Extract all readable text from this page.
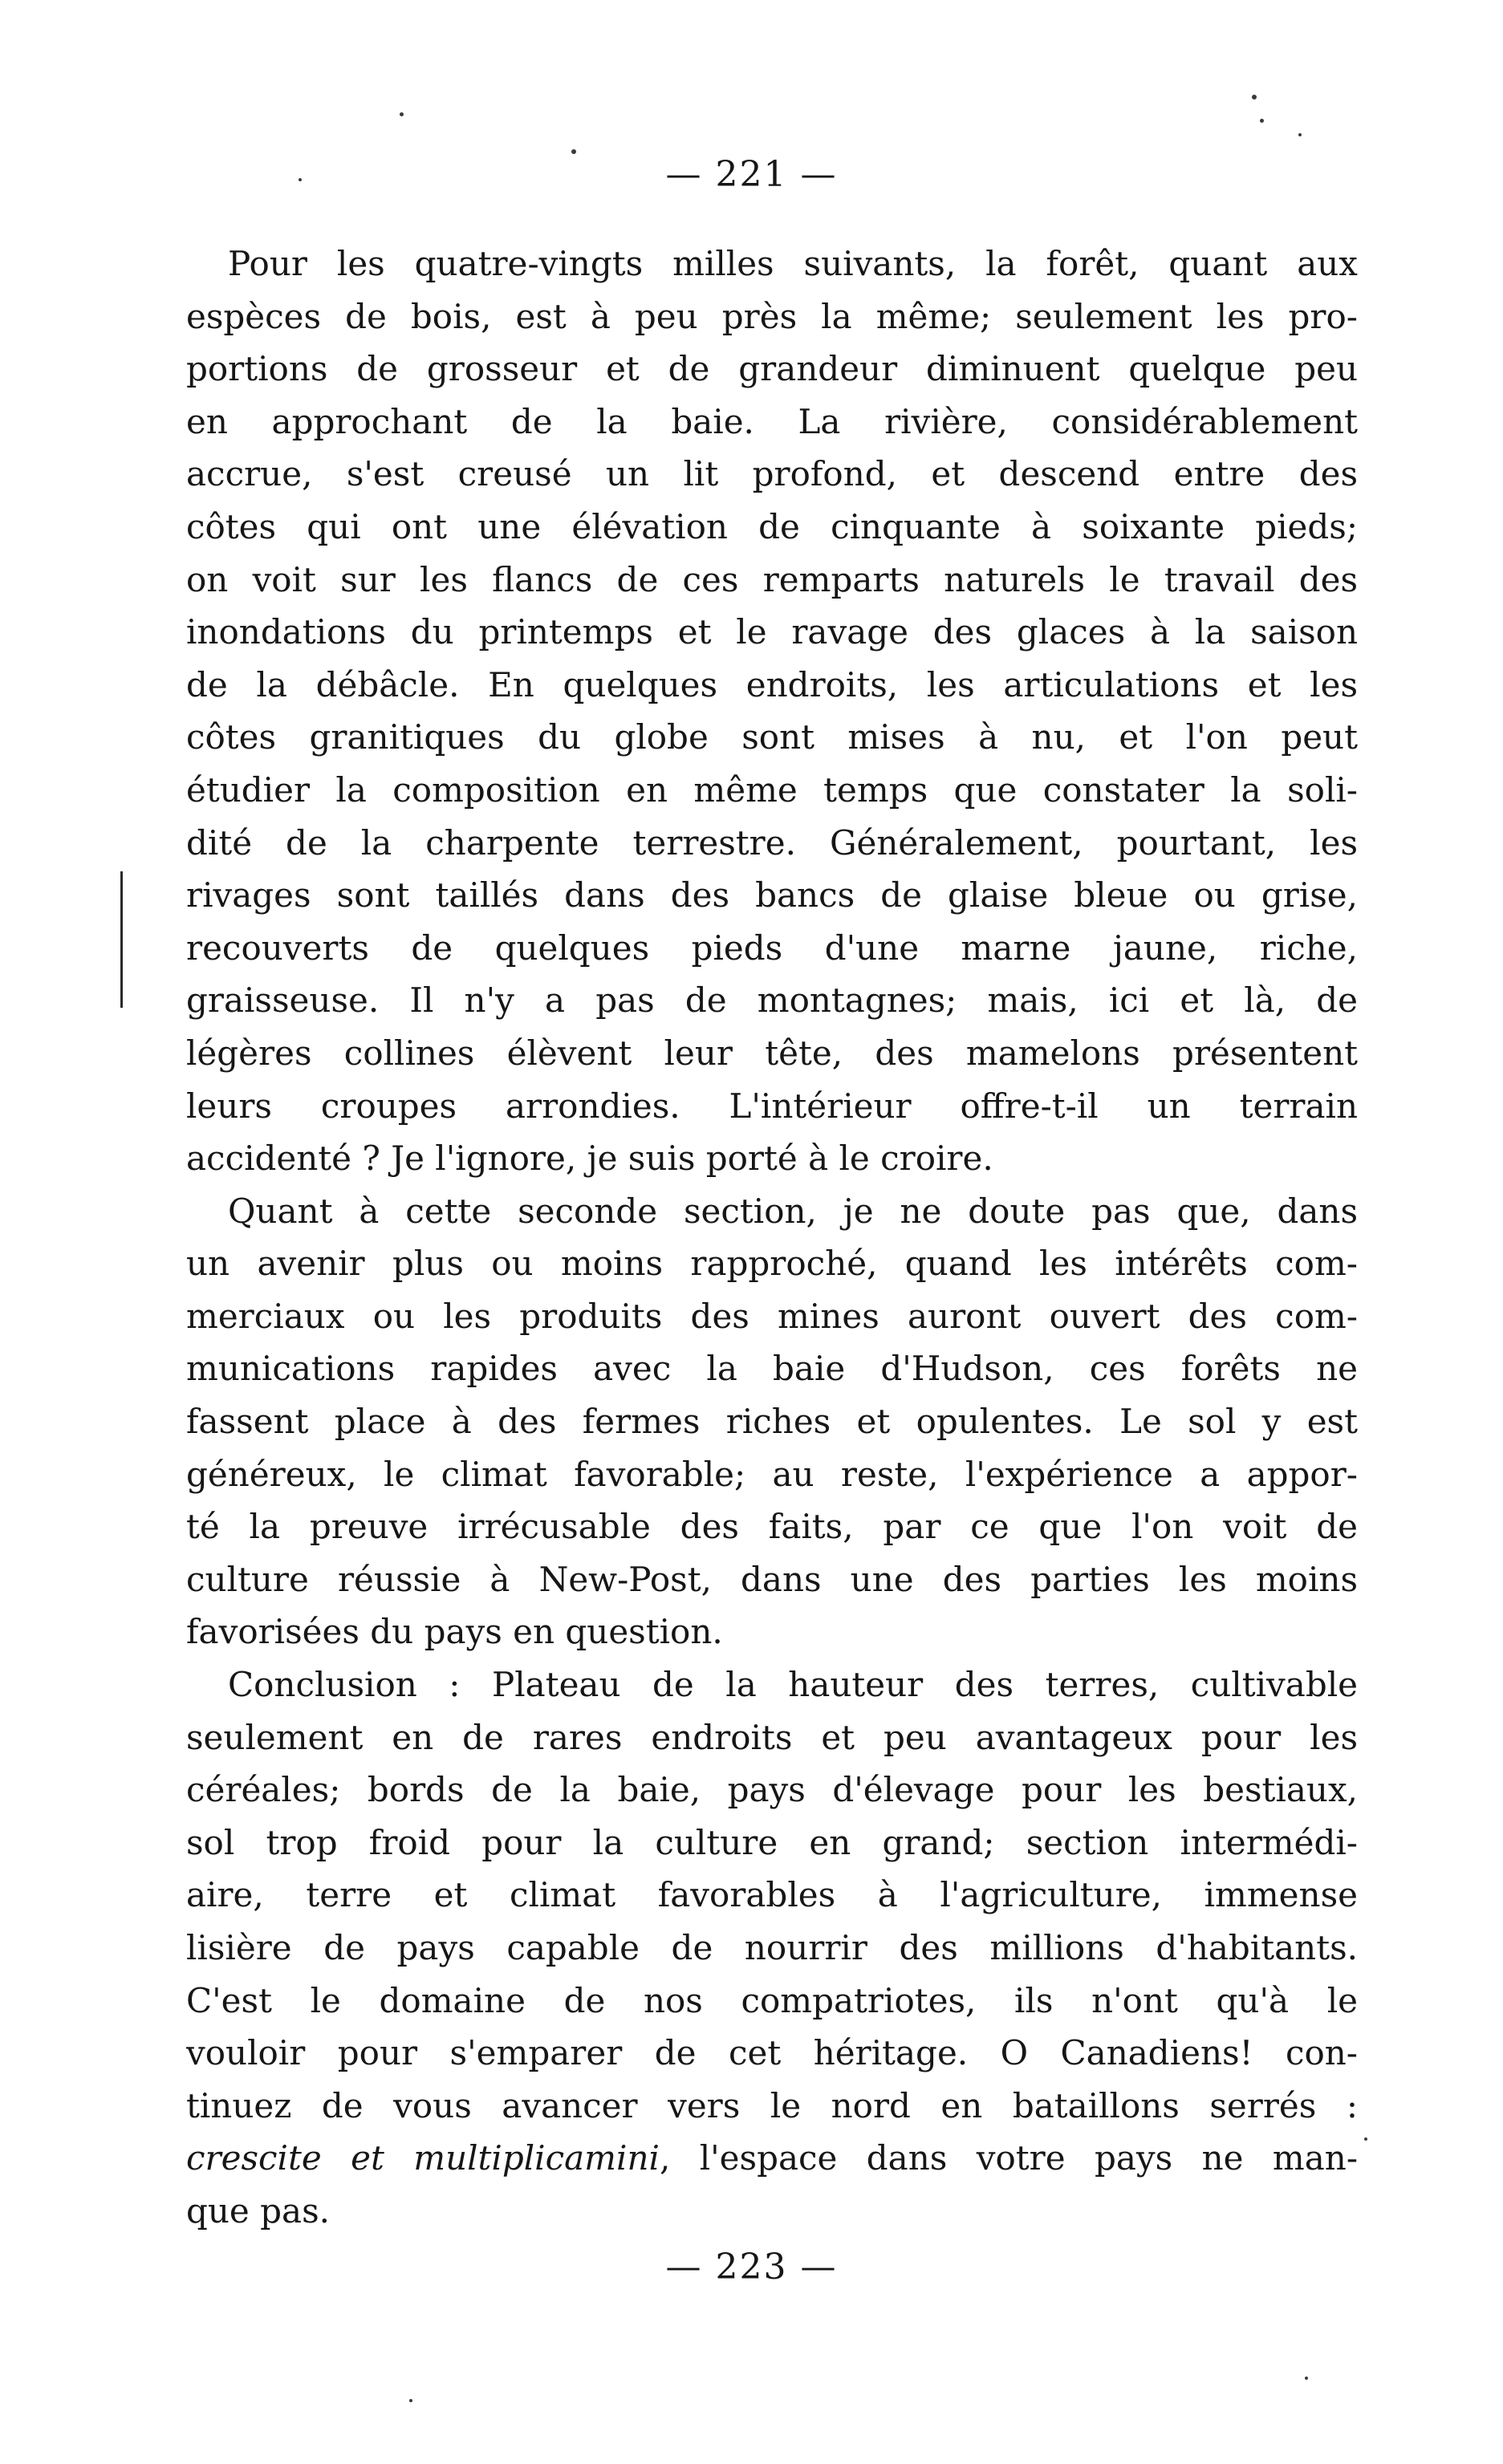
— 221 —
Pour les quatre-vingts milles suivants, la forêt, quant aux
espèces de bois, est à peu près la même; seulement les pro-
portions de grosseur et de grandeur diminuent quelque peu
en approchant de la baie. La rivière, considérablement
accrue, s'est creusé un lit profond, et descend entre des
côtes qui ont une élévation de cinquante à soixante pieds;
on voit sur les flancs de ces remparts naturels le travail des
inondations du printemps et le ravage des glaces à la saison
de la débâcle. En quelques endroits, les articulations et les
côtes granitiques du globe sont mises à nu, et l'on peut
étudier la composition en même temps que constater la soli-
dité de la charpente terrestre. Généralement, pourtant, les
rivages sont taillés dans des bancs de glaise bleue ou grise,
recouverts de quelques pieds d'une marne jaune, riche,
graisseuse. Il n'y a pas de montagnes; mais, ici et là, de
légères collines élèvent leur tête, des mamelons présentent
leurs croupes arrondies. L'intérieur offre-t-il un terrain
accidenté ? Je l'ignore, je suis porté à le croire.
Quant à cette seconde section, je ne doute pas que, dans
un avenir plus ou moins rapproché, quand les intérêts com-
merciaux ou les produits des mines auront ouvert des com-
munications rapides avec la baie d'Hudson, ces forêts ne
fassent place à des fermes riches et opulentes. Le sol y est
généreux, le climat favorable; au reste, l'expérience a appor-
té la preuve irrécusable des faits, par ce que l'on voit de
culture réussie à New-Post, dans une des parties les moins
favorisées du pays en question.
Conclusion : Plateau de la hauteur des terres, cultivable
seulement en de rares endroits et peu avantageux pour les
céréales; bords de la baie, pays d'élevage pour les bestiaux,
sol trop froid pour la culture en grand; section intermédi-
aire, terre et climat favorables à l'agriculture, immense
lisière de pays capable de nourrir des millions d'habitants.
C'est le domaine de nos compatriotes, ils n'ont qu'à le
vouloir pour s'emparer de cet héritage. O Canadiens! con-
tinuez de vous avancer vers le nord en bataillons serrés :
crescite et multiplicamini, l'espace dans votre pays ne man-
que pas.
— 223 —
